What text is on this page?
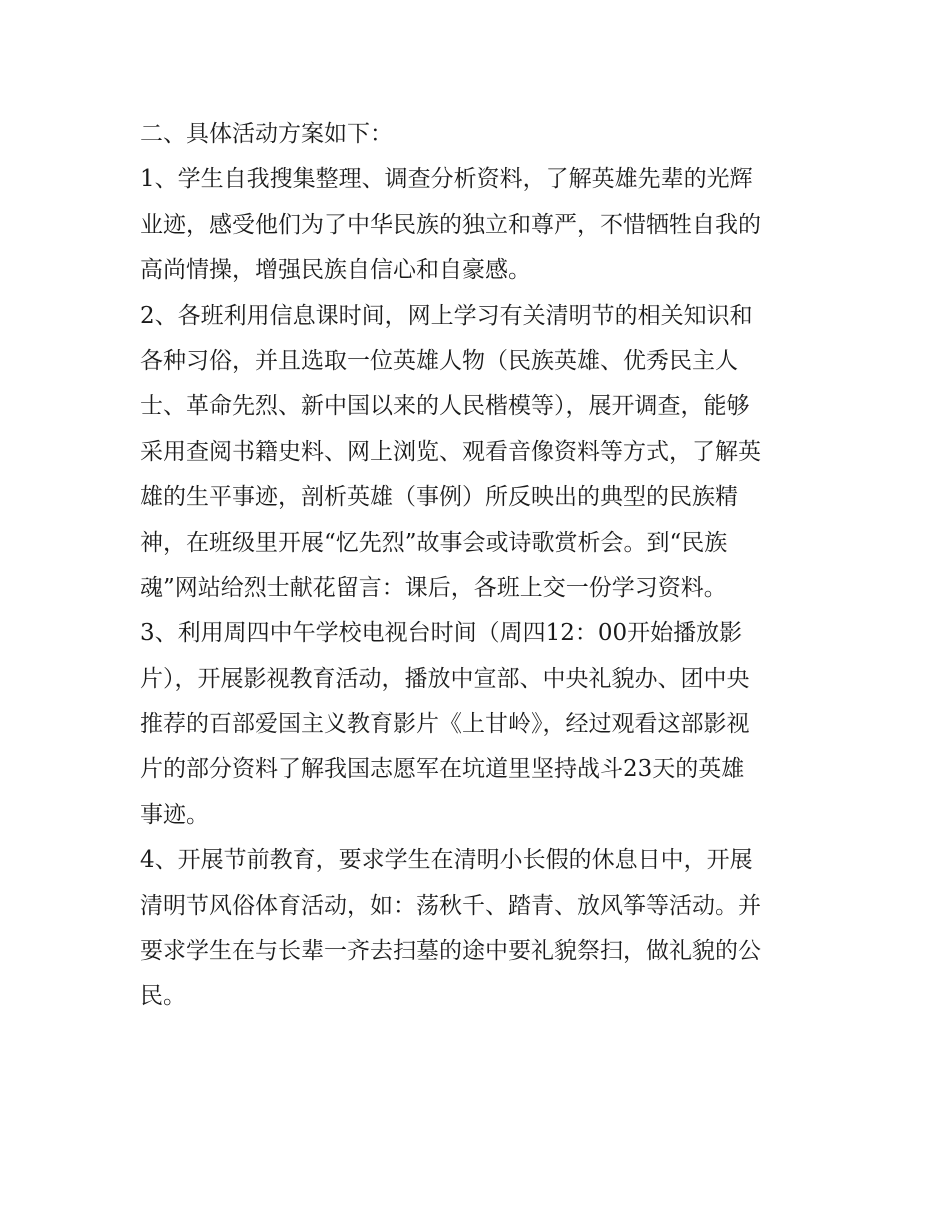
二、具体活动方案如下：
1、学生自我搜集整理、调查分析资料，了解英雄先辈的光辉
业迹，感受他们为了中华民族的独立和尊严，不惜牺牲自我的
高尚情操，增强民族自信心和自豪感。
2、各班利用信息课时间，网上学习有关清明节的相关知识和
各种习俗，并且选取一位英雄人物（民族英雄、优秀民主人
士、革命先烈、新中国以来的人民楷模等），展开调查，能够
采用查阅书籍史料、网上浏览、观看音像资料等方式，了解英
雄的生平事迹，剖析英雄（事例）所反映出的典型的民族精
神，在班级里开展“忆先烈”故事会或诗歌赏析会。到“民族
魂”网站给烈士献花留言：课后，各班上交一份学习资料。
3、利用周四中午学校电视台时间（周四12：00开始播放影
片），开展影视教育活动，播放中宣部、中央礼貌办、团中央
推荐的百部爱国主义教育影片《上甘岭》，经过观看这部影视
片的部分资料了解我国志愿军在坑道里坚持战斗23天的英雄
事迹。
4、开展节前教育，要求学生在清明小长假的休息日中，开展
清明节风俗体育活动，如：荡秋千、踏青、放风筝等活动。并
要求学生在与长辈一齐去扫墓的途中要礼貌祭扫，做礼貌的公
民。
